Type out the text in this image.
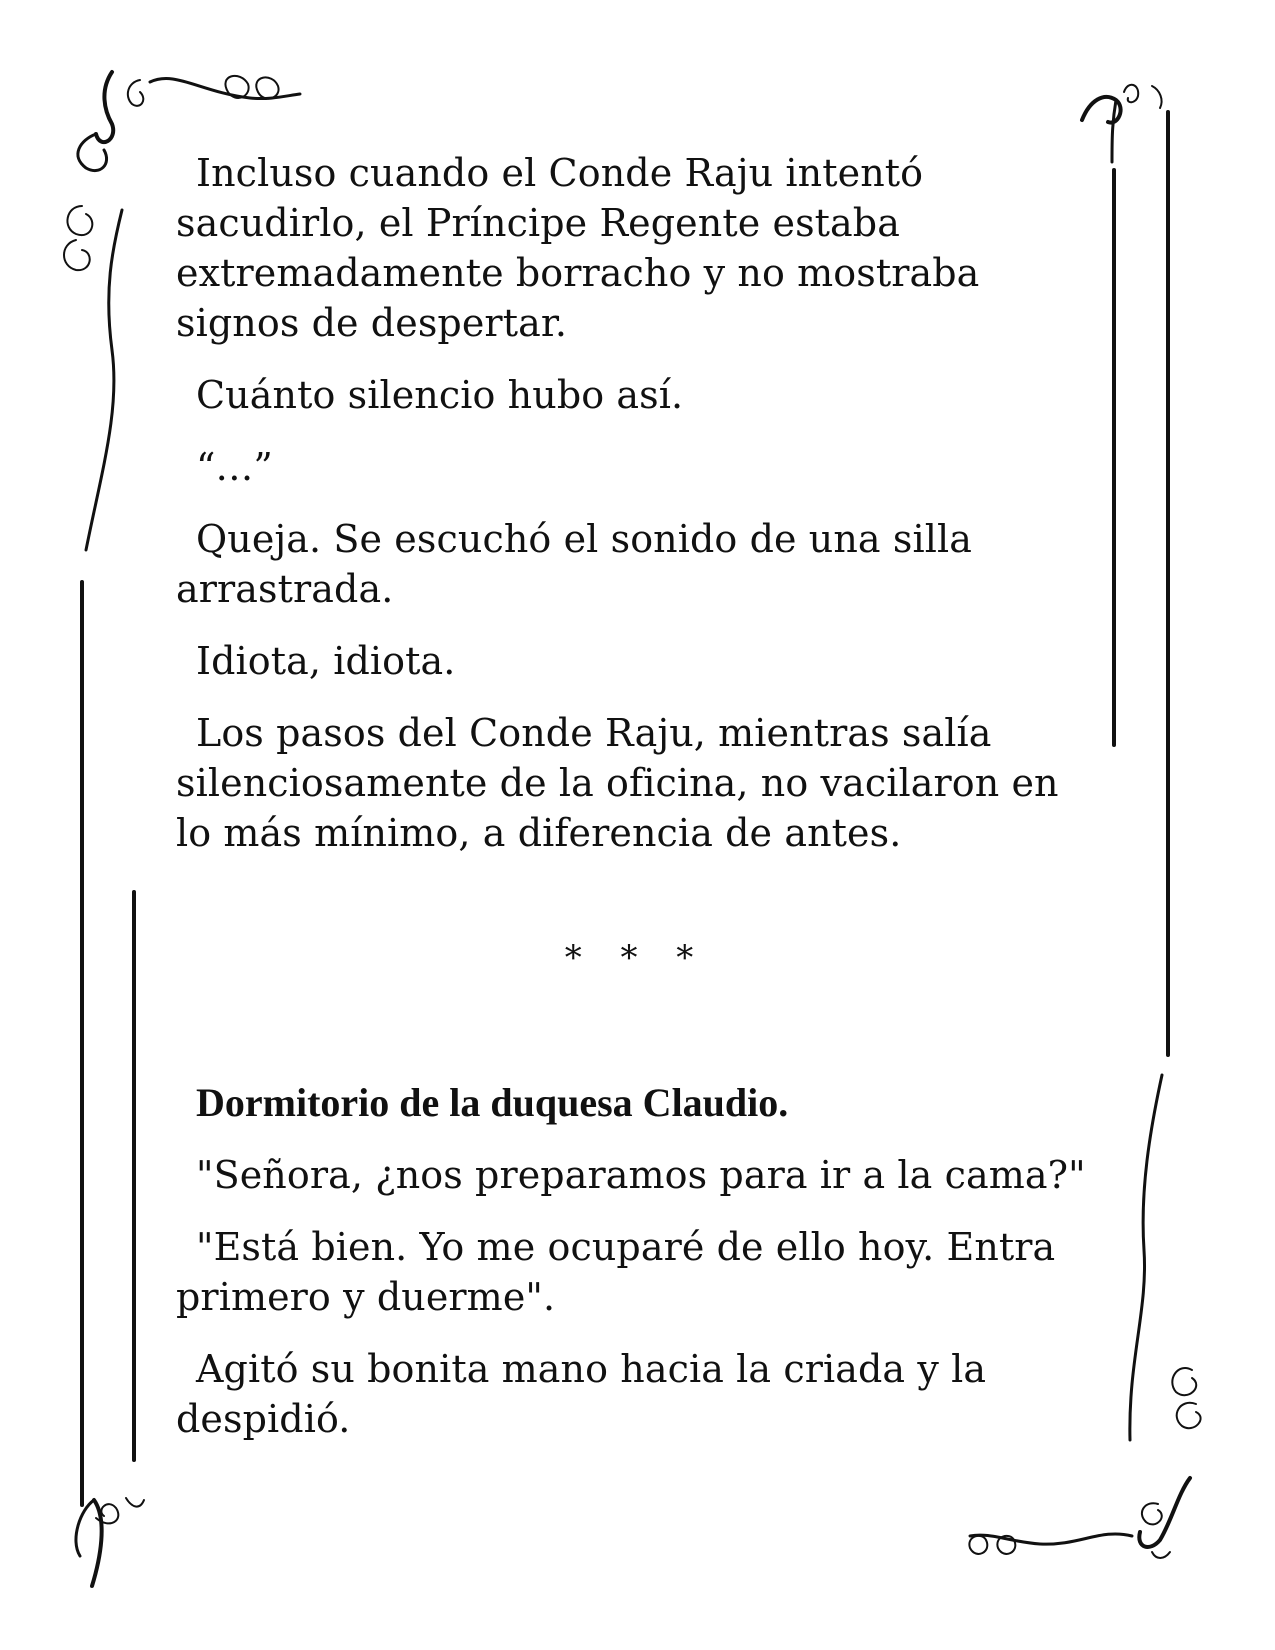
Incluso cuando el Conde Raju intentó sacudirlo, el Príncipe Regente estaba extremadamente borracho y no mostraba signos de despertar.

Cuánto silencio hubo así.

“…”

Queja. Se escuchó el sonido de una silla arrastrada.

Idiota, idiota.

Los pasos del Conde Raju, mientras salía silenciosamente de la oficina, no vacilaron en lo más mínimo, a diferencia de antes.

* * *

Dormitorio de la duquesa Claudio.

"Señora, ¿nos preparamos para ir a la cama?"

"Está bien. Yo me ocuparé de ello hoy. Entra primero y duerme".

Agitó su bonita mano hacia la criada y la despidió.
